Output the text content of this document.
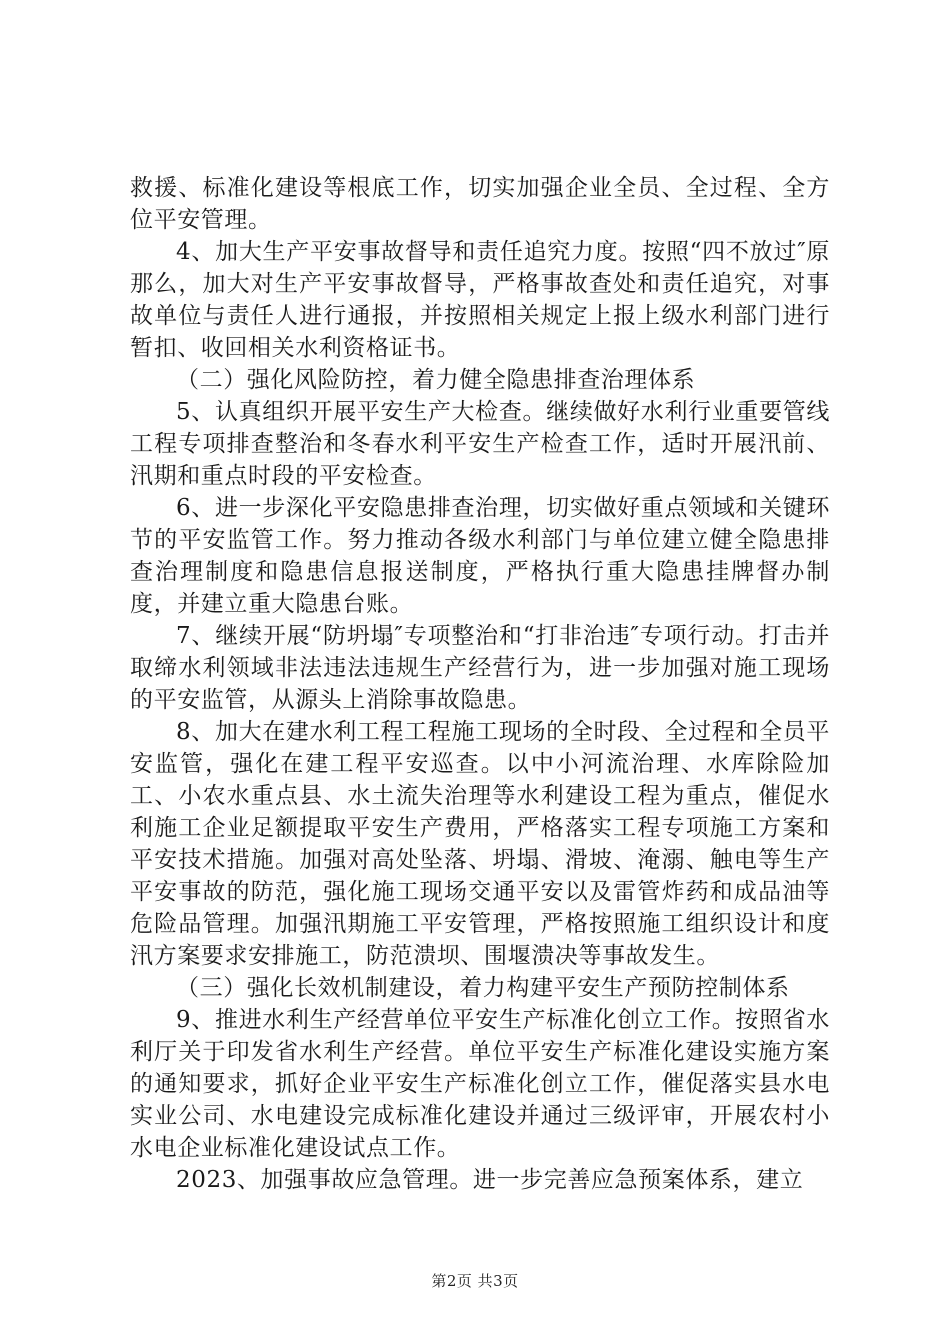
救援、标准化建设等根底工作，切实加强企业全员、全过程、全方位平安管理。

4、加大生产平安事故督导和责任追究力度。按照“四不放过″原那么，加大对生产平安事故督导，严格事故查处和责任追究，对事故单位与责任人进行通报，并按照相关规定上报上级水利部门进行暂扣、收回相关水利资格证书。

（二）强化风险防控，着力健全隐患排查治理体系

5、认真组织开展平安生产大检查。继续做好水利行业重要管线工程专项排查整治和冬春水利平安生产检查工作，适时开展汛前、汛期和重点时段的平安检查。

6、进一步深化平安隐患排查治理，切实做好重点领域和关键环节的平安监管工作。努力推动各级水利部门与单位建立健全隐患排查治理制度和隐患信息报送制度，严格执行重大隐患挂牌督办制度，并建立重大隐患台账。

7、继续开展“防坍塌″专项整治和“打非治违″专项行动。打击并取缔水利领域非法违法违规生产经营行为，进一步加强对施工现场的平安监管，从源头上消除事故隐患。

8、加大在建水利工程工程施工现场的全时段、全过程和全员平安监管，强化在建工程平安巡查。以中小河流治理、水库除险加工、小农水重点县、水土流失治理等水利建设工程为重点，催促水利施工企业足额提取平安生产费用，严格落实工程专项施工方案和平安技术措施。加强对高处坠落、坍塌、滑坡、淹溺、触电等生产平安事故的防范，强化施工现场交通平安以及雷管炸药和成品油等危险品管理。加强汛期施工平安管理，严格按照施工组织设计和度汛方案要求安排施工，防范溃坝、围堰溃决等事故发生。

（三）强化长效机制建设，着力构建平安生产预防控制体系

9、推进水利生产经营单位平安生产标准化创立工作。按照省水利厅关于印发省水利生产经营。单位平安生产标准化建设实施方案的通知要求，抓好企业平安生产标准化创立工作，催促落实县水电实业公司、水电建设完成标准化建设并通过三级评审，开展农村小水电企业标准化建设试点工作。

2023、加强事故应急管理。进一步完善应急预案体系，建立

第2页 共3页
